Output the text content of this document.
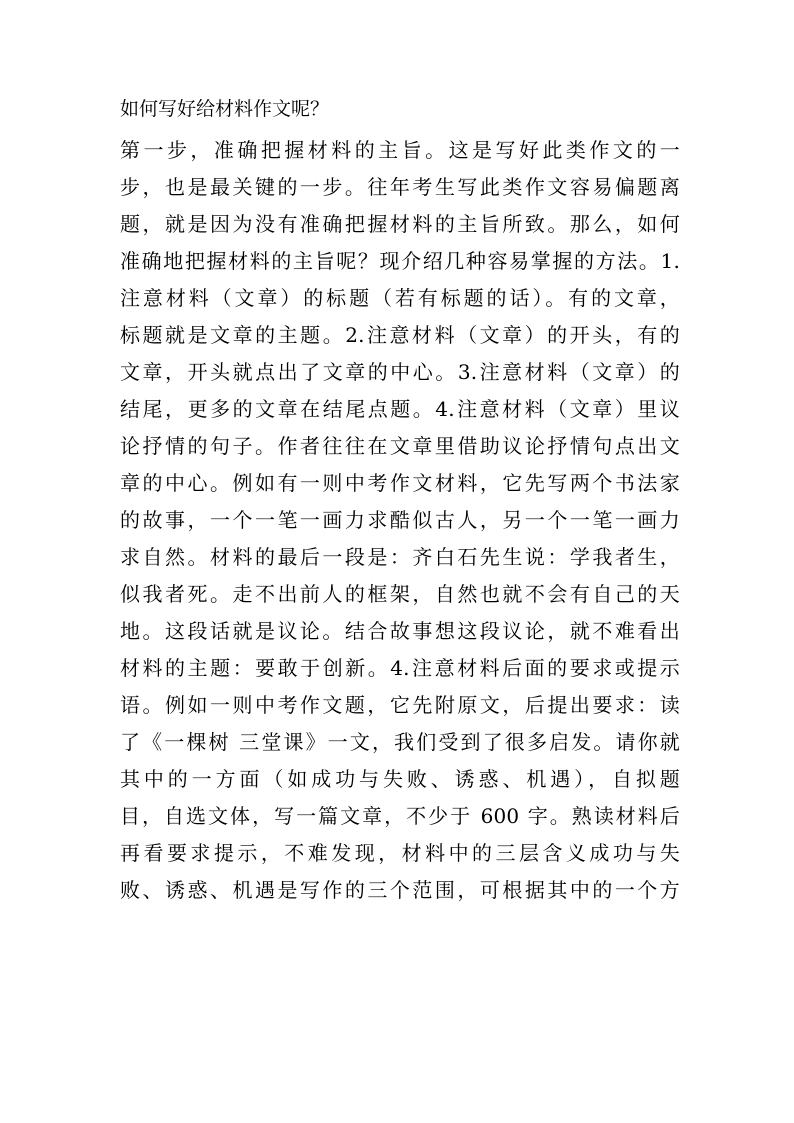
如何写好给材料作文呢？
第一步，准确把握材料的主旨。这是写好此类作文的一
步，也是最关键的一步。往年考生写此类作文容易偏题离
题，就是因为没有准确把握材料的主旨所致。那么，如何
准确地把握材料的主旨呢？现介绍几种容易掌握的方法。1.
注意材料（文章）的标题（若有标题的话）。有的文章，
标题就是文章的主题。2.注意材料（文章）的开头，有的
文章，开头就点出了文章的中心。3.注意材料（文章）的
结尾，更多的文章在结尾点题。4.注意材料（文章）里议
论抒情的句子。作者往往在文章里借助议论抒情句点出文
章的中心。例如有一则中考作文材料，它先写两个书法家
的故事，一个一笔一画力求酷似古人，另一个一笔一画力
求自然。材料的最后一段是：齐白石先生说：学我者生，
似我者死。走不出前人的框架，自然也就不会有自己的天
地。这段话就是议论。结合故事想这段议论，就不难看出
材料的主题：要敢于创新。4.注意材料后面的要求或提示
语。例如一则中考作文题，它先附原文，后提出要求：读
了《一棵树 三堂课》一文，我们受到了很多启发。请你就
其中的一方面（如成功与失败、诱惑、机遇），自拟题
目，自选文体，写一篇文章，不少于 600 字。熟读材料后
再看要求提示，不难发现，材料中的三层含义成功与失
败、诱惑、机遇是写作的三个范围，可根据其中的一个方
